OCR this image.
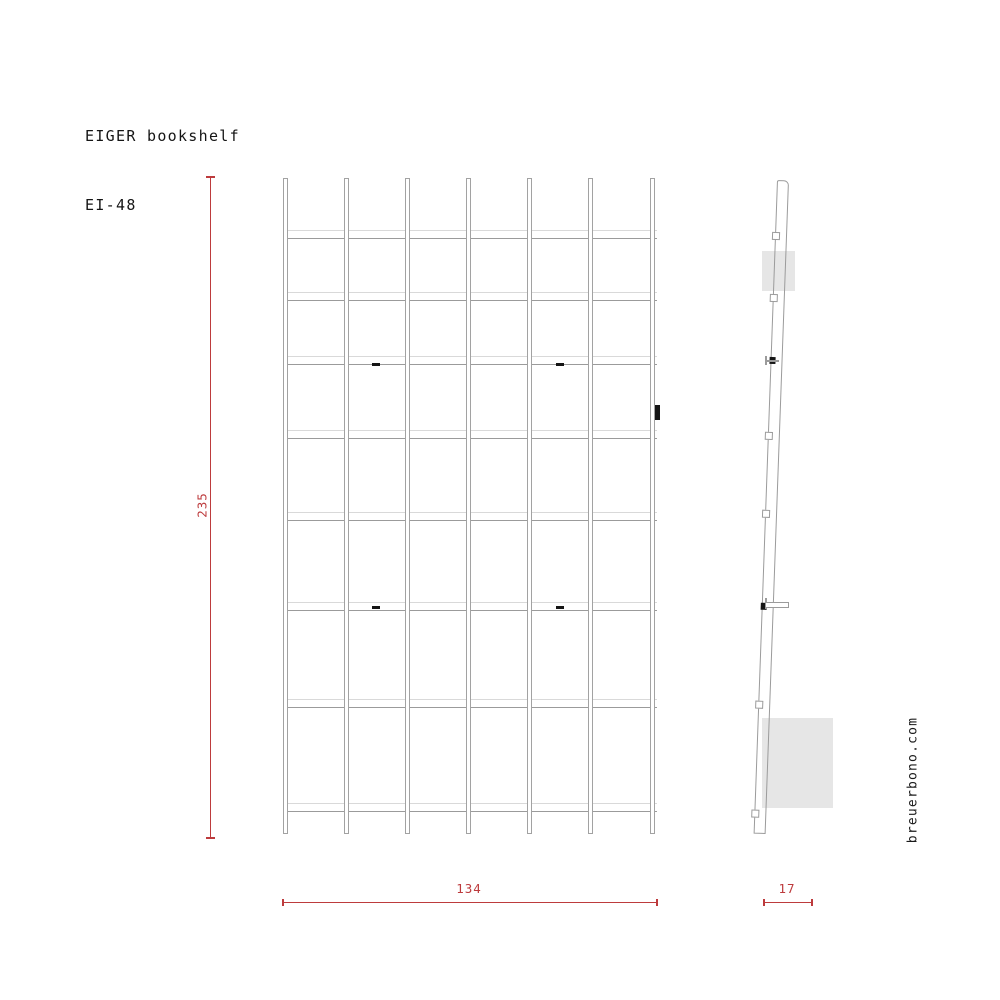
EIGER bookshelf

EI-48

235
134	17
breuerbono.com
